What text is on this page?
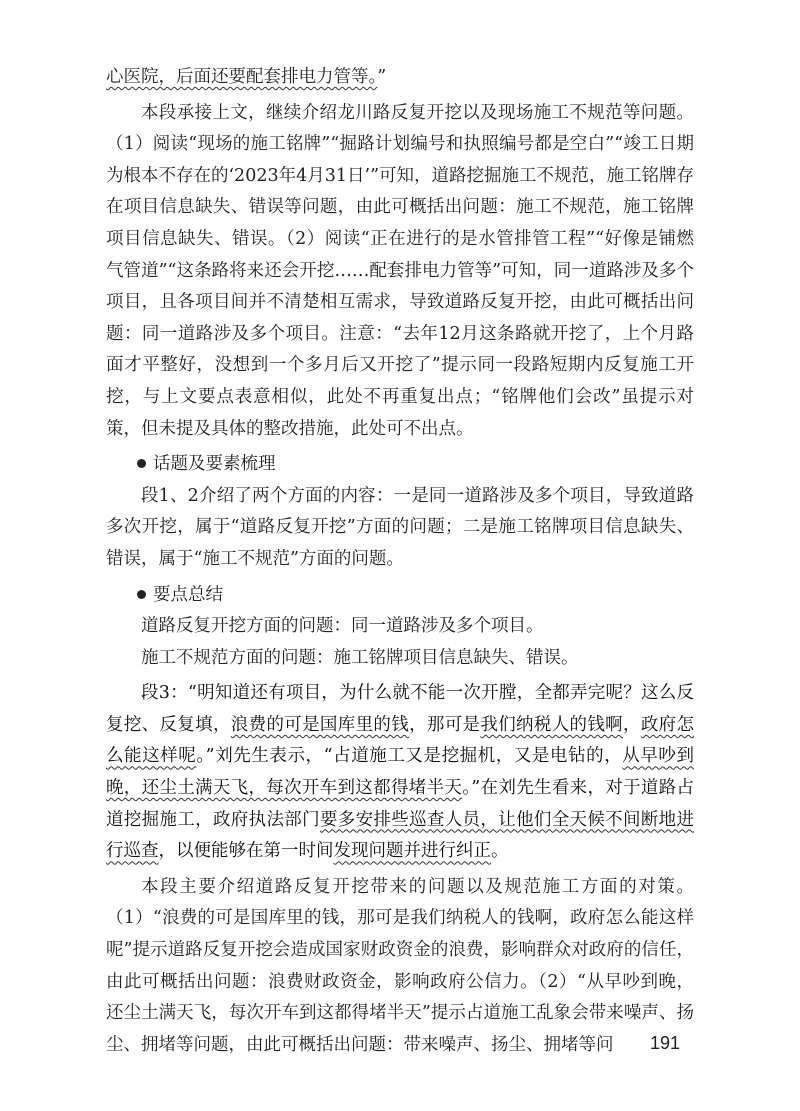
心医院，后面还要配套排电力管等。”

本段承接上文，继续介绍龙川路反复开挖以及现场施工不规范等问题。（1）阅读“现场的施工铭牌”“掘路计划编号和执照编号都是空白”“竣工日期为根本不存在的‘2023年4月31日’”可知，道路挖掘施工不规范，施工铭牌存在项目信息缺失、错误等问题，由此可概括出问题：施工不规范，施工铭牌项目信息缺失、错误。（2）阅读“正在进行的是水管排管工程”“好像是铺燃气管道”“这条路将来还会开挖……配套排电力管等”可知，同一道路涉及多个项目，且各项目间并不清楚相互需求，导致道路反复开挖，由此可概括出问题：同一道路涉及多个项目。注意：“去年12月这条路就开挖了，上个月路面才平整好，没想到一个多月后又开挖了”提示同一段路短期内反复施工开挖，与上文要点表意相似，此处不再重复出点；“铭牌他们会改”虽提示对策，但未提及具体的整改措施，此处可不出点。

话题及要素梳理

段1、2介绍了两个方面的内容：一是同一道路涉及多个项目，导致道路多次开挖，属于“道路反复开挖”方面的问题；二是施工铭牌项目信息缺失、错误，属于“施工不规范”方面的问题。

要点总结

道路反复开挖方面的问题：同一道路涉及多个项目。

施工不规范方面的问题：施工铭牌项目信息缺失、错误。

段3：“明知道还有项目，为什么就不能一次开膛，全都弄完呢？这么反复挖、反复填，浪费的可是国库里的钱，那可是我们纳税人的钱啊，政府怎么能这样呢。”刘先生表示，“占道施工又是挖掘机，又是电钻的，从早吵到晚，还尘土满天飞，每次开车到这都得堵半天。”在刘先生看来，对于道路占道挖掘施工，政府执法部门要多安排些巡查人员，让他们全天候不间断地进行巡查，以便能够在第一时间发现问题并进行纠正。

本段主要介绍道路反复开挖带来的问题以及规范施工方面的对策。（1）“浪费的可是国库里的钱，那可是我们纳税人的钱啊，政府怎么能这样呢”提示道路反复开挖会造成国家财政资金的浪费，影响群众对政府的信任，由此可概括出问题：浪费财政资金，影响政府公信力。（2）“从早吵到晚，还尘土满天飞，每次开车到这都得堵半天”提示占道施工乱象会带来噪声、扬尘、拥堵等问题，由此可概括出问题：带来噪声、扬尘、拥堵等问	191
